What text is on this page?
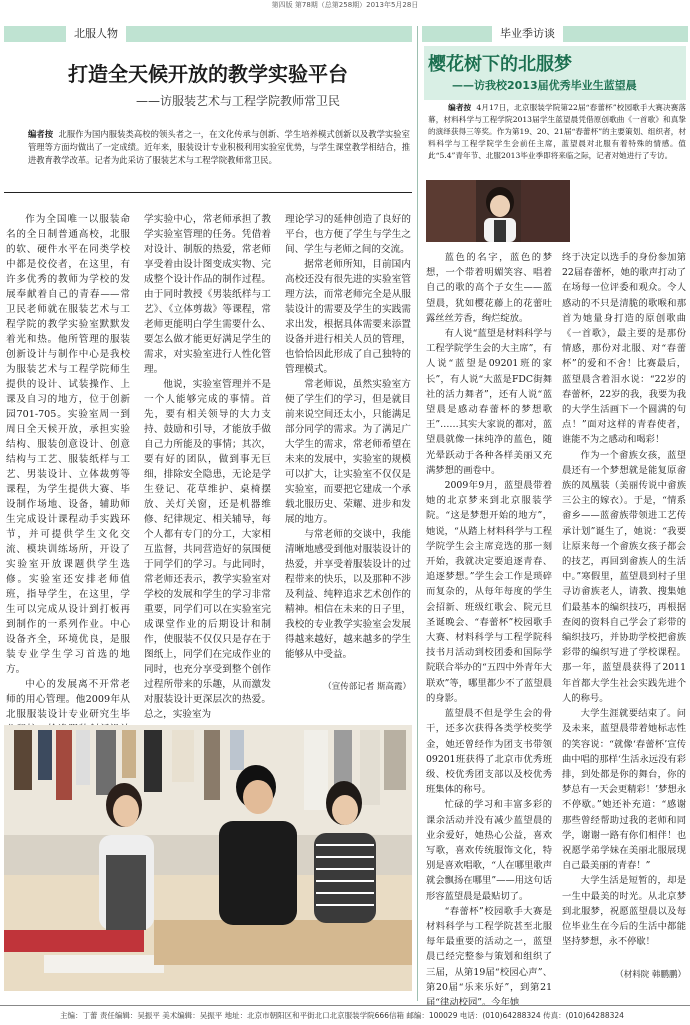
第四版 第78期（总第258期）2013年5月28日
北服人物
打造全天候开放的教学实验平台
——访服装艺术与工程学院教师常卫民
编者按 北服作为国内服装类高校的领头者之一，在文化传承与创新、学生培养模式创新以及教学实验室管理等方面均做出了一定成绩。近年来，服装设计专业积极利用实验室优势，与学生课堂教学相结合，推进教育教学改革。记者为此采访了服装艺术与工程学院教师常卫民。

作为全国唯一以服装命名的全日制普通高校，北服的软、硬件水平在同类学校中都是佼佼者，在这里，有许多优秀的教师为学校的发展奉献着自己的青春——常卫民老师就在服装艺术与工程学院的教学实验室默默发着光和热。他所管理的服装创新设计与制作中心是我校为服装艺术与工程学院师生提供的设计、试装操作、上课及自习的地方，位于创新园701-705。实验室周一到周日全天候开放，承担实验结构、服装创意设计、创意结构与工艺、服装纸样与工艺、男装设计、立体裁剪等课程，为学生提供大赛、毕设制作场地、设备，辅助师生完成设计课程动手实践环节，并可提供学生文化交流、模块训练场所，开设了实验室开放课题供学生选修。实验室还安排老师值班，指导学生，在这里，学生可以完成从设计到打板再到制作的一系列作业。中心设备齐全，环境优良，是服装专业学生学习首选的地方。

中心的发展离不开常老师的用心管理。他2009年从北服服装设计专业研究生毕

学实验中心，常老师承担了教学实验室管理的任务。凭借着对设计、制版的热爱，常老师享受着由设计图变成实物、完成整个设计作品的制作过程。由于同时教授《男装纸样与工艺》、《立体剪裁》等课程，常老师更能明白学生需要什么、要怎么做才能更好满足学生的需求，对实验室进行人性化管理。

他说，实验室管理并不是一个人能够完成的事情。首先，要有相关领导的大力支持、鼓励和引导，才能放手做自己力所能及的事情；其次，要有好的团队，做到事无巨细，排除安全隐患，无论是学生登记、花草维护、桌椅摆放、关灯关窗，还是机器维修、纪律规定、相关辅导，每个人都有专门的分工，大家相互监督，共同营造好的氛围便于同学们的学习。与此同时，常老师还表示，教学实验室对学校的发展和学生的学习非常重要，同学们可以在实验室完成课堂作业的后期设计和制作，使服装不仅仅只是存在于图纸上，同学们在完成作业的同时，也充分享受到整个创作过程所带来的乐趣，从而激发对服装设计更深层次的热爱。总之，实验室为

理论学习的延伸创造了良好的平台，也方便了学生与学生之间、学生与老师之间的交流。

据常老师所知，目前国内高校还没有很先进的实验室管理方法，而常老师完全是从服装设计的需要及学生的实践需求出发，根据具体需要来添置设备并进行相关人员的管理，也恰恰因此形成了自己独特的管理模式。

常老师说，虽然实验室方便了学生们的学习，但是就目前来说空间还太小，只能满足部分同学的需求。为了满足广大学生的需求，常老师希望在未来的发展中，实验室的规模可以扩大，让实验室不仅仅是实验室，而要把它建成一个承载北服历史、荣耀、进步和发展的地方。

与常老师的交谈中，我能清晰地感受到他对服装设计的热爱，并享受着服装设计的过程带来的快乐，以及那种不涉及利益、纯粹追求艺术创作的精神。相信在未来的日子里，我校的专业教学实验室会发展得越来越好，越来越多的学生能够从中受益。

（宣传部记者 斯高霞）
毕业季访谈
樱花树下的北服梦
——访我校2013届优秀毕业生蓝望晨
编者按 4月17日，北京服装学院第22届“春蕾杯”校园歌手大赛决赛落幕，材料科学与工程学院2013届学生蓝望晨凭借原创歌曲《一首歌》和真挚的演绎获得三等奖。作为第19、20、21届“春蕾杯”的主要策划、组织者，材料科学与工程学院学生会前任主席，蓝望晨对北服有着特殊的情感。值此“5.4”青年节、北服2013毕业季即将来临之际，记者对她进行了专访。

蓝色的名字，蓝色的梦想，一个带着明媚笑容、唱着自己的歌的高个子女生——蓝望晨，犹如樱花藤上的花蕾吐露丝丝芳香，绚烂绽放。

有人说“蓝望是材料科学与工程学院学生会的大主席”，有人说“蓝望是09201班的家长”，有人说“大蓝是FDC街舞社的活力舞者”，还有人说“蓝望晨是感动春蕾杯的梦想歌王”……其实大家说的都对，蓝望晨就像一抹纯净的蓝色，随光晕跃动于各种各样美丽又充满梦想的画卷中。

2009年9月，蓝望晨带着她的北京梦来到北京服装学院。“这是梦想开始的地方”，她说，“从踏上材料科学与工程学院学生会主席竞选的那一刻开始，我就决定要追逐青春、追逐梦想。”学生会工作是琐碎而复杂的，从每年每度的学生会招新、班级红歌会、院元旦圣诞晚会、“春蕾杯”校园歌手大赛、材料科学与工程学院科技书月活动到校团委和国际学院联合举办的“五四中外青年大联欢”等，哪里都少不了蓝望晨的身影。

蓝望晨不但是学生会的骨干，还多次获得各类学校奖学金，她还曾经作为团支书带领09201班获得了北京市优秀班级、校优秀团支部以及校优秀班集体的称号。

忙碌的学习和丰富多彩的课余活动并没有减少蓝望晨的业余爱好，她热心公益，喜欢写歌，喜欢传统服饰文化，特别是喜欢唱歌，“人在哪里歌声就会飘扬在哪里”——用这句话形容蓝望晨是最贴切了。

“春蕾杯”校园歌手大赛是材料科学与工程学院甚至北服每年最重要的活动之一，蓝望晨已经完整参与策划和组织了三届，从第19届“校园心声”、第20届“乐来乐好”，到第21届“律动校园”。今年她

终于决定以选手的身份参加第22届春蕾杯，她的歌声打动了在场每一位评委和观众。令人感动的不只是清脆的歌喉和那首为她量身打造的原创歌曲《一首歌》，最主要的是那份情感，那份对北服、对“春蕾杯”的爱和不舍！比赛最后，蓝望晨含着泪水说：“22岁的春蕾杯，22岁的我，我要为我的大学生活画下一个圆满的句点！”面对这样的青春使者，谁能不为之感动和喝彩！

作为一个畲族女孩，蓝望晨还有一个梦想就是能复原畲族的凤凰装（美丽传说中畲族三公主的嫁衣）。于是，“情系畲乡——蓝畲族带领进工艺传承计划”诞生了，她说：“我要让原来每一个畲族女孩子都会的技艺，再回到畲族人的生活中。”寒假里，蓝望晨到村子里寻访畲族老人，请教、搜集她们最基本的编织技巧，再根据查阅的资料自己学会了彩带的编织技巧，并协助学校把畲族彩带的编织写进了学校课程。那一年，蓝望晨获得了2011年首都大学生社会实践先进个人的称号。

大学生涯就要结束了。问及未来，蓝望晨带着她标志性的笑容说：“就像‘春蕾杯’宣传曲中唱的那样‘生活永远没有彩排，到处都是你的舞台，你的梦总有一天会更精彩！’梦想永不停歇。”她还补充道：“感谢那些曾经帮助过我的老师和同学，谢谢一路有你们相伴！也祝愿学弟学妹在美丽北服展现自己最美丽的青春！”

大学生活是短暂的，却是一生中最美的时光。从北京梦到北服梦，祝愿蓝望晨以及每位毕业生在今后的生活中都能坚持梦想，永不停歇！

（材料院 韩鹏鹏）
主编：丁蕾 责任编辑：吴振平 美术编辑：吴振平 地址：北京市朝阳区和平街北口北京服装学院666信箱 邮编：100029 电话：(010)64288324 传真：(010)64288324
